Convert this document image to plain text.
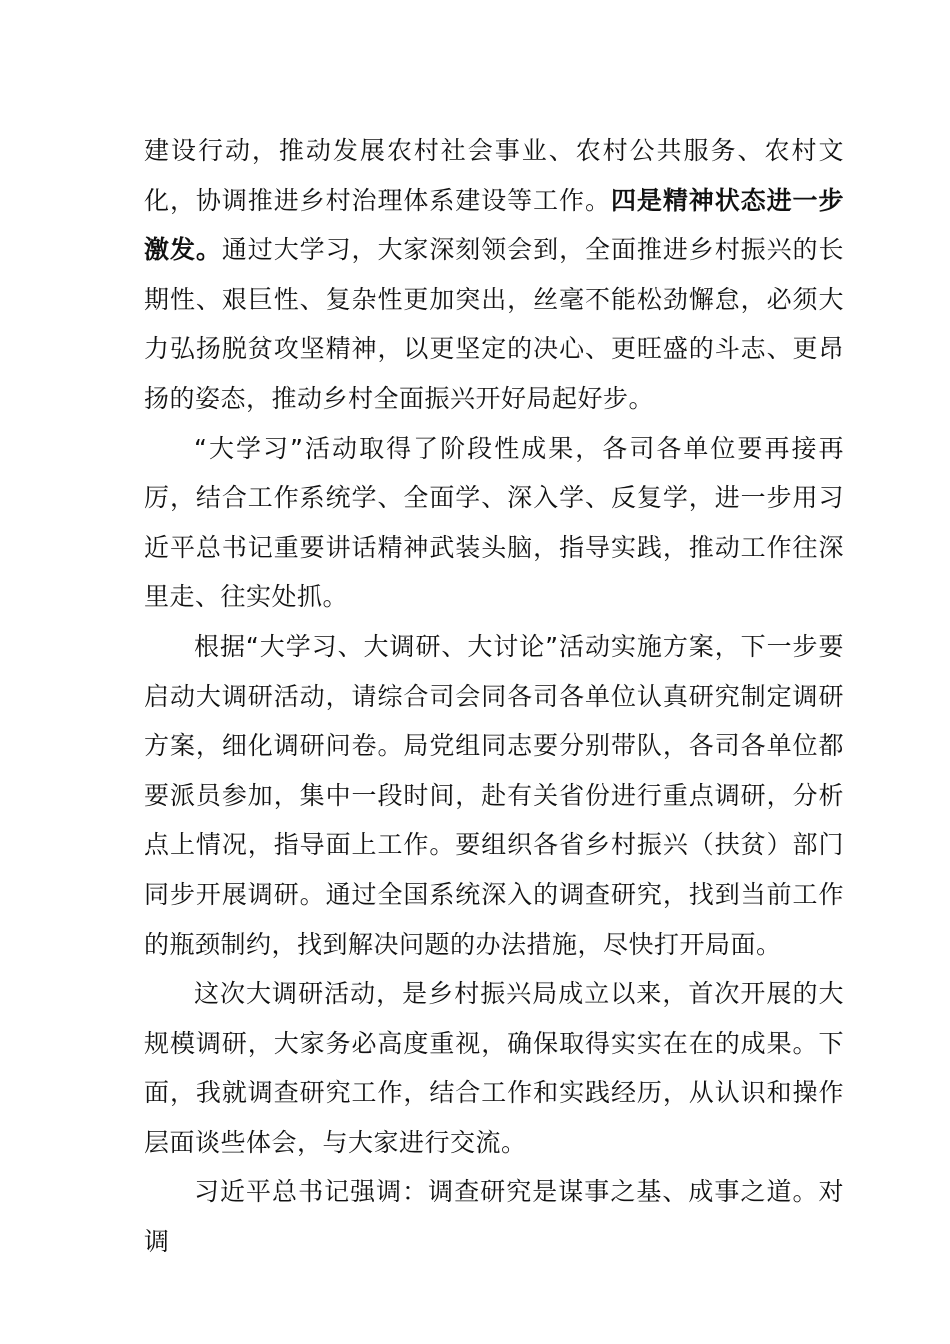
建设行动，推动发展农村社会事业、农村公共服务、农村文化，协调推进乡村治理体系建设等工作。四是精神状态进一步激发。通过大学习，大家深刻领会到，全面推进乡村振兴的长期性、艰巨性、复杂性更加突出，丝毫不能松劲懈怠，必须大力弘扬脱贫攻坚精神，以更坚定的决心、更旺盛的斗志、更昂扬的姿态，推动乡村全面振兴开好局起好步。

“大学习”活动取得了阶段性成果，各司各单位要再接再厉，结合工作系统学、全面学、深入学、反复学，进一步用习近平总书记重要讲话精神武装头脑，指导实践，推动工作往深里走、往实处抓。

根据“大学习、大调研、大讨论”活动实施方案，下一步要启动大调研活动，请综合司会同各司各单位认真研究制定调研方案，细化调研问卷。局党组同志要分别带队，各司各单位都要派员参加，集中一段时间，赴有关省份进行重点调研，分析点上情况，指导面上工作。要组织各省乡村振兴（扶贫）部门同步开展调研。通过全国系统深入的调查研究，找到当前工作的瓶颈制约，找到解决问题的办法措施，尽快打开局面。

这次大调研活动，是乡村振兴局成立以来，首次开展的大规模调研，大家务必高度重视，确保取得实实在在的成果。下面，我就调查研究工作，结合工作和实践经历，从认识和操作层面谈些体会，与大家进行交流。

习近平总书记强调：调查研究是谋事之基、成事之道。对调
